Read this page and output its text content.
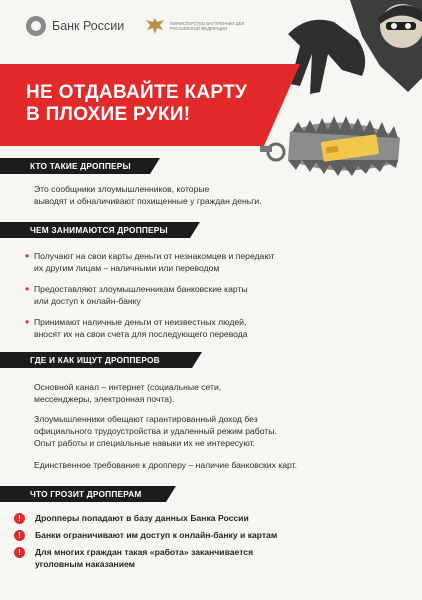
Банк России	МИНИСТЕРСТВО ВНУТРЕННИХ ДЕЛ РОССИЙСКОЙ ФЕДЕРАЦИИ
НЕ ОТДАВАЙТЕ КАРТУ
В ПЛОХИЕ РУКИ!
КТО ТАКИЕ ДРОППЕРЫ
Это сообщники злоумышленников, которые
выводят и обналичивают похищенные у граждан деньги.
ЧЕМ ЗАНИМАЮТСЯ ДРОППЕРЫ
• Получают на свои карты деньги от незнакомцев и передают
их другим лицам – наличными или переводом
• Предоставляют злоумышленникам банковские карты
или доступ к онлайн-банку
• Принимают наличные деньги от неизвестных людей,
вносят их на свои счета для последующего перевода
ГДЕ И КАК ИЩУТ ДРОППЕРОВ
Основной канал – интернет (социальные сети,
мессенджеры, электронная почта).
Злоумышленники обещают гарантированный доход без
официального трудоустройства и удаленный режим работы.
Опыт работы и специальные навыки их не интересуют.
Единственное требование к дропперу – наличие банковских карт.
ЧТО ГРОЗИТ ДРОППЕРАМ
!	Дропперы попадают в базу данных Банка России
!	Банки ограничивают им доступ к онлайн-банку и картам
!	Для многих граждан такая «работа» заканчивается
уголовным наказанием
